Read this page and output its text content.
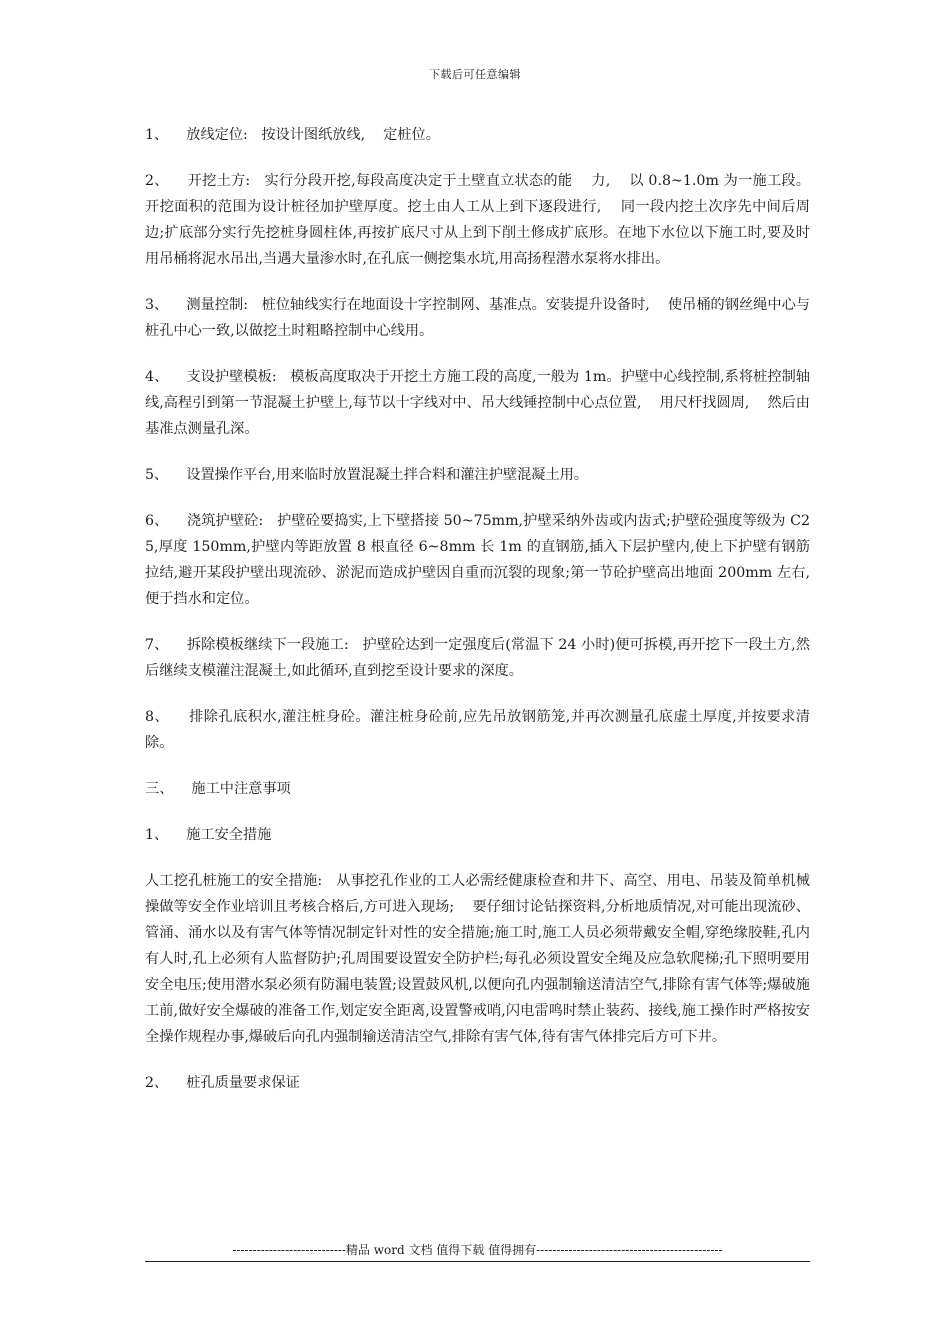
下载后可任意编辑

1、    放线定位:   按设计图纸放线,    定桩位。

2、    开挖土方:   实行分段开挖,每段高度决定于土壁直立状态的能    力,    以 0.8~1.0m 为一施工段。开挖面积的范围为设计桩径加护壁厚度。挖土由人工从上到下逐段进行,    同一段内挖土次序先中间后周边;扩底部分实行先挖桩身圆柱体,再按扩底尺寸从上到下削土修成扩底形。在地下水位以下施工时,要及时用吊桶将泥水吊出,当遇大量渗水时,在孔底一侧挖集水坑,用高扬程潜水泵将水排出。

3、    测量控制:   桩位轴线实行在地面设十字控制网、基准点。安装提升设备时,    使吊桶的钢丝绳中心与桩孔中心一致,以做挖土时粗略控制中心线用。

4、    支设护壁模板:   模板高度取决于开挖土方施工段的高度,一般为 1m。护壁中心线控制,系将桩控制轴线,高程引到第一节混凝土护壁上,每节以十字线对中、吊大线锤控制中心点位置,    用尺杆找圆周,    然后由基准点测量孔深。

5、    设置操作平台,用来临时放置混凝土拌合料和灌注护壁混凝土用。

6、    浇筑护壁砼:   护壁砼要捣实,上下壁搭接 50~75mm,护壁采纳外齿或内齿式;护壁砼强度等级为 C25,厚度 150mm,护壁内等距放置 8 根直径 6~8mm 长 1m 的直钢筋,插入下层护壁内,使上下护壁有钢筋拉结,避开某段护壁出现流砂、淤泥而造成护壁因自重而沉裂的现象;第一节砼护壁高出地面 200mm 左右,便于挡水和定位。

7、    拆除模板继续下一段施工:   护壁砼达到一定强度后(常温下 24 小时)便可拆模,再开挖下一段土方,然后继续支模灌注混凝土,如此循环,直到挖至设计要求的深度。

8、    排除孔底积水,灌注桩身砼。灌注桩身砼前,应先吊放钢筋笼,并再次测量孔底虚土厚度,并按要求清除。

三、    施工中注意事项

1、    施工安全措施

人工挖孔桩施工的安全措施:   从事挖孔作业的工人必需经健康检查和井下、高空、用电、吊装及简单机械操做等安全作业培训且考核合格后,方可进入现场;    要仔细讨论钻探资料,分析地质情况,对可能出现流砂、管涌、涌水以及有害气体等情况制定针对性的安全措施;施工时,施工人员必须带戴安全帽,穿绝缘胶鞋,孔内有人时,孔上必须有人监督防护;孔周围要设置安全防护栏;每孔必须设置安全绳及应急软爬梯;孔下照明要用安全电压;使用潜水泵必须有防漏电装置;设置鼓风机,以便向孔内强制输送清洁空气,排除有害气体等;爆破施工前,做好安全爆破的准备工作,划定安全距离,设置警戒哨,闪电雷鸣时禁止装药、接线,施工操作时严格按安全操作规程办事,爆破后向孔内强制输送清洁空气,排除有害气体,待有害气体排完后方可下井。

2、    桩孔质量要求保证

----------------------------精品 word 文档 值得下载 值得拥有----------------------------------------------
